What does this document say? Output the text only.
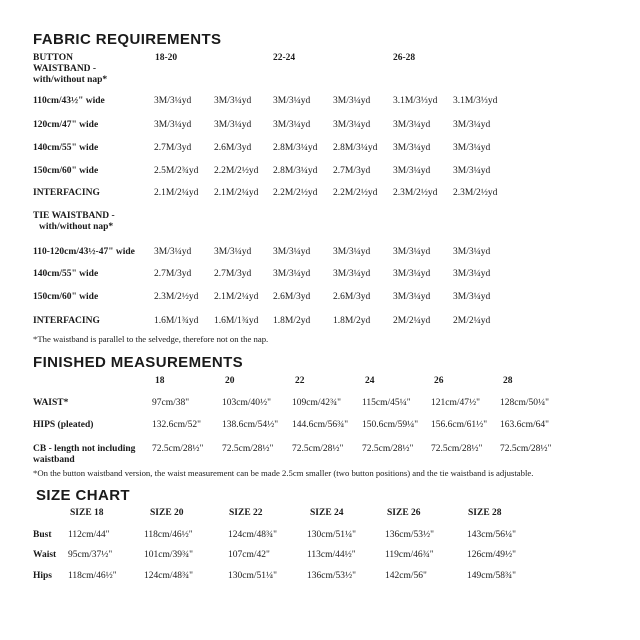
FABRIC REQUIREMENTS
BUTTON
WAISTBAND -
with/without nap*
18-20	22-24	26-28
110cm/43½" wide	3M/3¼yd 3M/3¼yd 3M/3¼yd 3M/3¼yd 3.1M/3⅓yd 3.1M/3⅓yd
120cm/47" wide	3M/3¼yd 3M/3¼yd 3M/3¼yd 3M/3¼yd 3M/3¼yd 3M/3¼yd
140cm/55" wide	2.7M/3yd 2.6M/3yd 2.8M/3¼yd 2.8M/3¼yd 3M/3¼yd 3M/3¼yd
150cm/60" wide	2.5M/2¾yd 2.2M/2½yd 2.8M/3¼yd 2.7M/3yd 3M/3¼yd 3M/3¼yd
INTERFACING	2.1M/2¼yd 2.1M/2¼yd 2.2M/2½yd 2.2M/2½yd 2.3M/2½yd 2.3M/2½yd
TIE WAISTBAND -
with/without nap*
110-120cm/43½-47" wide 3M/3¼yd 3M/3¼yd 3M/3¼yd 3M/3¼yd 3M/3¼yd 3M/3¼yd
140cm/55" wide	2.7M/3yd 2.7M/3yd 3M/3¼yd 3M/3¼yd 3M/3¼yd 3M/3¼yd
150cm/60" wide	2.3M/2½yd 2.1M/2¼yd 2.6M/3yd 2.6M/3yd 3M/3¼yd 3M/3¼yd
INTERFACING	1.6M/1¾yd 1.6M/1¾yd 1.8M/2yd 1.8M/2yd 2M/2¼yd 2M/2¼yd
*The waistband is parallel to the selvedge, therefore not on the nap.
FINISHED MEASUREMENTS
18	20	22	24	26	28
WAIST*	97cm/38"	103cm/40½" 109cm/42¾" 115cm/45¼" 121cm/47½" 128cm/50¼"
HIPS (pleated)	132.6cm/52" 138.6cm/54½" 144.6cm/56¾" 150.6cm/59¼" 156.6cm/61½" 163.6cm/64"
CB - length not including
waistband
72.5cm/28½" 72.5cm/28½" 72.5cm/28½" 72.5cm/28½" 72.5cm/28½" 72.5cm/28½"
*On the button waistband version, the waist measurement can be made 2.5cm smaller (two button positions) and the tie waistband is adjustable.
SIZE CHART
SIZE 18	SIZE 20	SIZE 22	SIZE 24	SIZE 26	SIZE 28
Bust 112cm/44"	118cm/46½"	124cm/48¾"	130cm/51¼"	136cm/53½"	143cm/56¼"
Waist 95cm/37½"	101cm/39¾"	107cm/42"	113cm/44½"	119cm/46¾"	126cm/49½"
Hips 118cm/46½"	124cm/48¾"	130cm/51¼"	136cm/53½"	142cm/56"	149cm/58¾"
